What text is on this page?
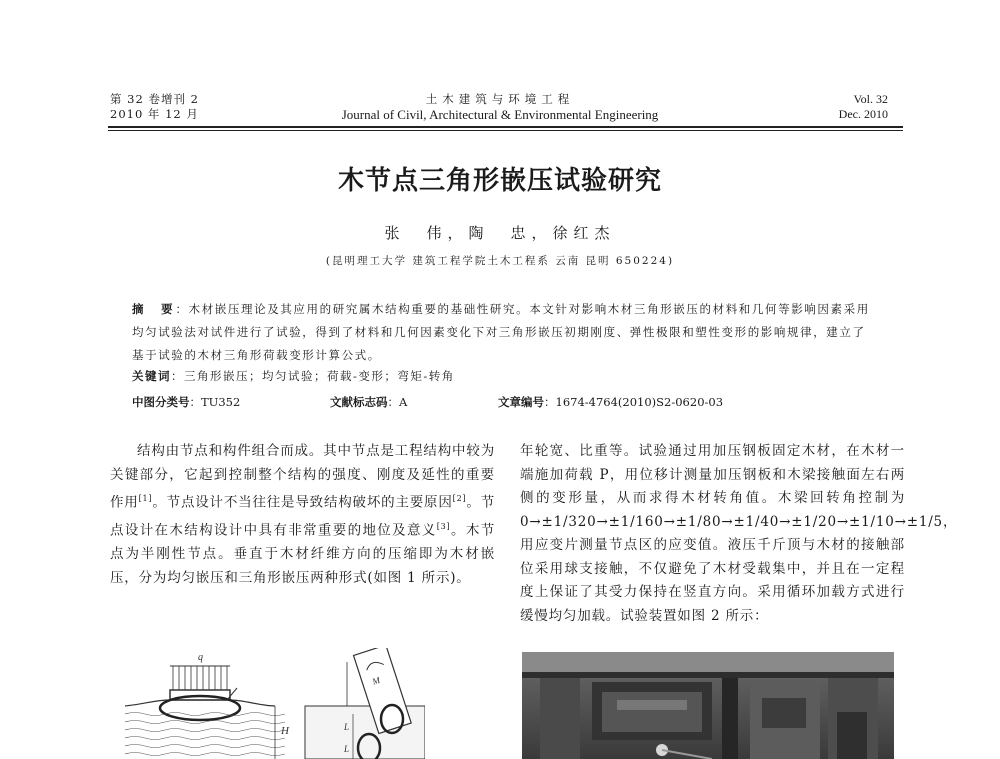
第 32 卷增刊 2
2010 年 12 月
土木建筑与环境工程
Journal of Civil, Architectural & Environmental Engineering
Vol. 32
Dec. 2010
木节点三角形嵌压试验研究
张　伟，陶　忠，徐红杰
(昆明理工大学 建筑工程学院土木工程系 云南 昆明 650224)
摘　要：木材嵌压理论及其应用的研究属木结构重要的基础性研究。本文针对影响木材三角形嵌压的材料和几何等影响因素采用均匀试验法对试件进行了试验，得到了材料和几何因素变化下对三角形嵌压初期刚度、弹性极限和塑性变形的影响规律，建立了基于试验的木材三角形荷载变形计算公式。
关键词：三角形嵌压；均匀试验；荷载-变形；弯矩-转角
中图分类号：TU352	文献标志码：A	文章编号：1674-4764(2010)S2-0620-03
结构由节点和构件组合而成。其中节点是工程结构中较为关键部分，它起到控制整个结构的强度、刚度及延性的重要作用[1]。节点设计不当往往是导致结构破坏的主要原因[2]。节点设计在木结构设计中具有非常重要的地位及意义[3]。木节点为半刚性节点。垂直于木材纤维方向的压缩即为木材嵌压，分为均匀嵌压和三角形嵌压两种形式(如图 1 所示)。
年轮宽、比重等。试验通过用加压钢板固定木材，在木材一端施加荷载 P，用位移计测量加压钢板和木梁接触面左右两侧的变形量，从而求得木材转角值。木梁回转角控制为 0→±1/320→±1/160→±1/80→±1/40→±1/20→±1/10→±1/5，用应变片测量节点区的应变值。液压千斤顶与木材的接触部位采用球支接触，不仅避免了木材受载集中，并且在一定程度上保证了其受力保持在竖直方向。采用循环加载方式进行缓慢均匀加载。试验装置如图 2 所示：
q
H
M
L
L
